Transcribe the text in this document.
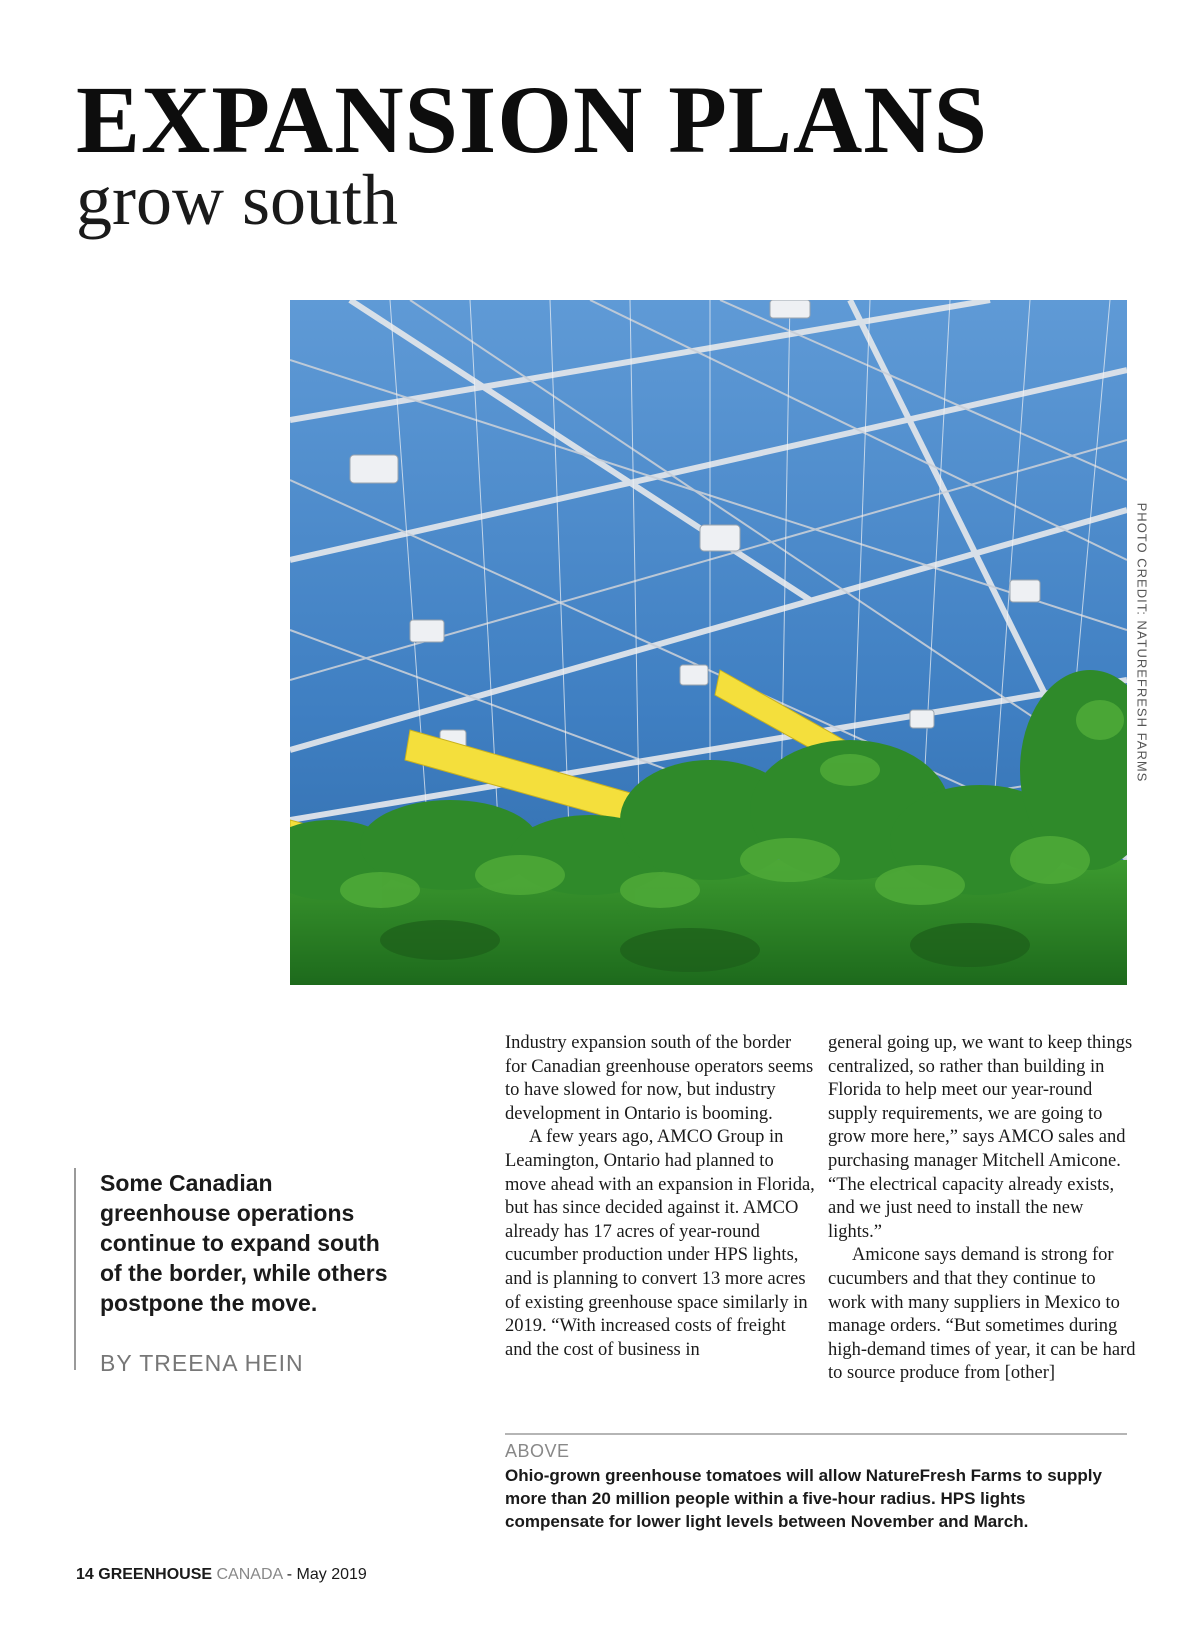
EXPANSION PLANS
grow south
PHOTO CREDIT: NATUREFRESH FARMS
Some Canadian greenhouse operations continue to expand south of the border, while others postpone the move.
BY TREENA HEIN

Industry expansion south of the border for Canadian greenhouse operators seems to have slowed for now, but industry development in Ontario is booming.

A few years ago, AMCO Group in Leamington, Ontario had planned to move ahead with an expansion in Florida, but has since decided against it. AMCO already has 17 acres of year-round cucumber production under HPS lights, and is planning to convert 13 more acres of existing greenhouse space similarly in 2019. “With increased costs of freight and the cost of business in

general going up, we want to keep things centralized, so rather than building in Florida to help meet our year-round supply requirements, we are going to grow more here,” says AMCO sales and purchasing manager Mitchell Amicone. “The electrical capacity already exists, and we just need to install the new lights.”

Amicone says demand is strong for cucumbers and that they continue to work with many suppliers in Mexico to manage orders. “But sometimes during high-demand times of year, it can be hard to source produce from [other]

ABOVE
Ohio-grown greenhouse tomatoes will allow NatureFresh Farms to supply more than 20 million people within a five-hour radius. HPS lights compensate for lower light levels between November and March.
14 GREENHOUSE CANADA - May 2019
